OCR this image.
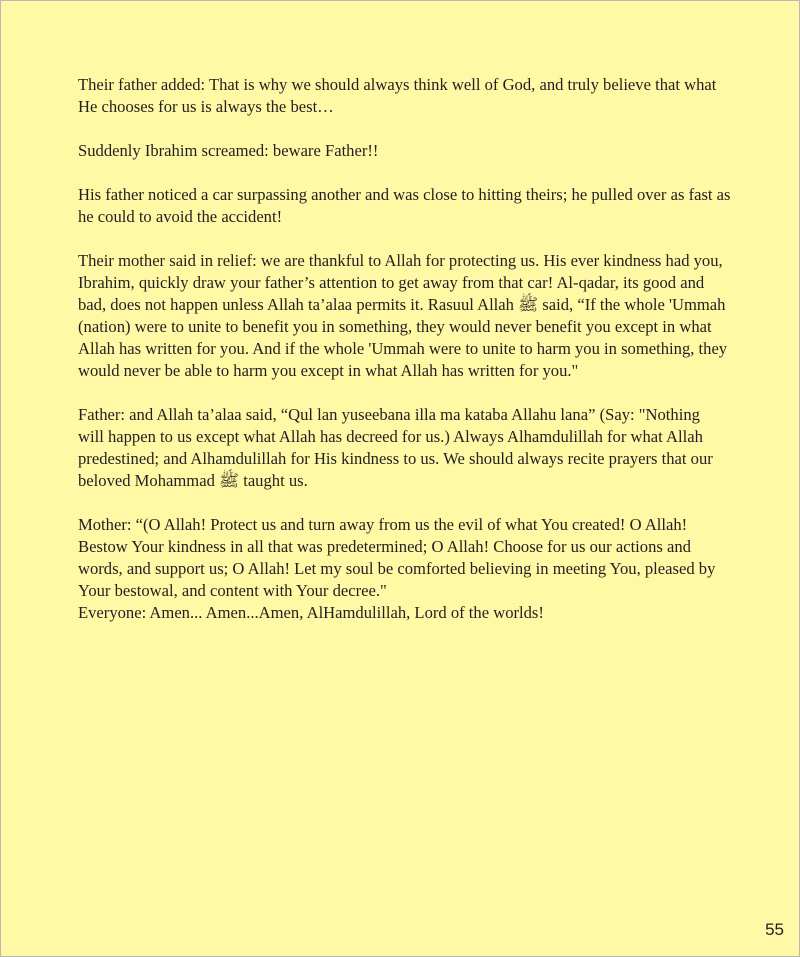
Their father added: That is why we should always think well of God, and truly believe that what
He chooses for us is always the best…

Suddenly Ibrahim screamed: beware Father!!

His father noticed a car surpassing another and was close to hitting theirs; he pulled over as fast as
he could to avoid the accident!

Their mother said in relief: we are thankful to Allah for protecting us. His ever kindness had you,
Ibrahim, quickly draw your father’s attention to get away from that car! Al-qadar, its good and
bad, does not happen unless Allah ta’alaa permits it. Rasuul Allah ﷺ said, “If the whole 'Ummah
(nation) were to unite to benefit you in something, they would never benefit you except in what
Allah has written for you. And if the whole 'Ummah were to unite to harm you in something, they
would never be able to harm you except in what Allah has written for you."

Father: and Allah ta’alaa said, “Qul lan yuseebana illa ma kataba Allahu lana” (Say: "Nothing
will happen to us except what Allah has decreed for us.) Always Alhamdulillah for what Allah
predestined; and Alhamdulillah for His kindness to us. We should always recite prayers that our
beloved Mohammad ﷺ taught us.

Mother: “(O Allah! Protect us and turn away from us the evil of what You created! O Allah!
Bestow Your kindness in all that was predetermined; O Allah! Choose for us our actions and
words, and support us; O Allah! Let my soul be comforted believing in meeting You, pleased by
Your bestowal, and content with Your decree."

Everyone: Amen... Amen...Amen, AlHamdulillah, Lord of the worlds!

55
